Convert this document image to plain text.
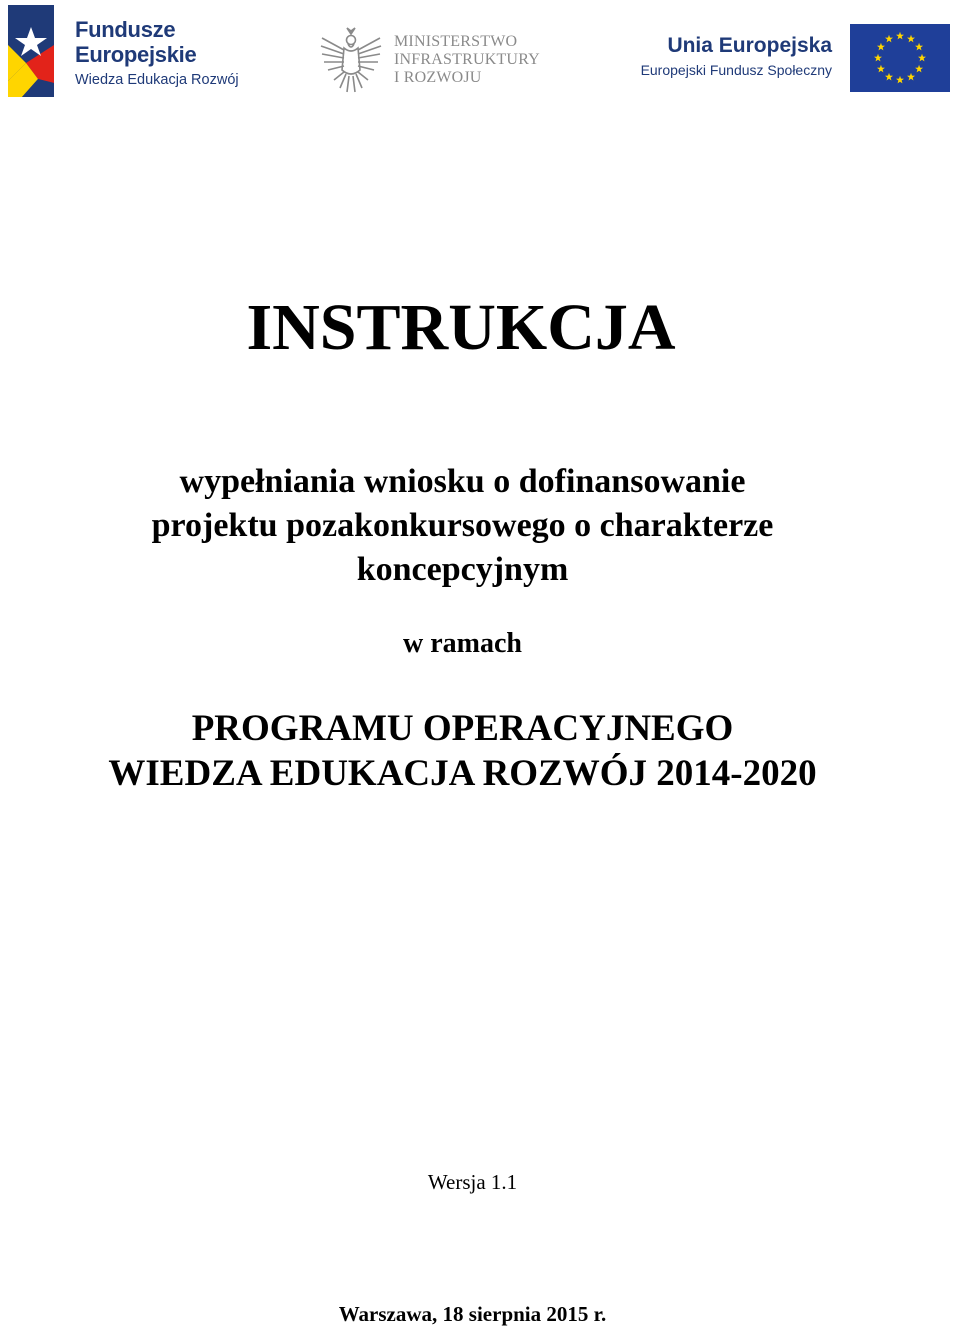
Fundusze
Europejskie
Wiedza Edukacja Rozwój
MINISTERSTWO
INFRASTRUKTURY
I ROZWOJU
Unia Europejska
Europejski Fundusz Społeczny
INSTRUKCJA
wypełniania wniosku o dofinansowanie
projektu pozakonkursowego o charakterze
koncepcyjnym
w ramach
PROGRAMU OPERACYJNEGO
WIEDZA EDUKACJA ROZWÓJ 2014-2020
Wersja 1.1
Warszawa, 18 sierpnia 2015 r.
